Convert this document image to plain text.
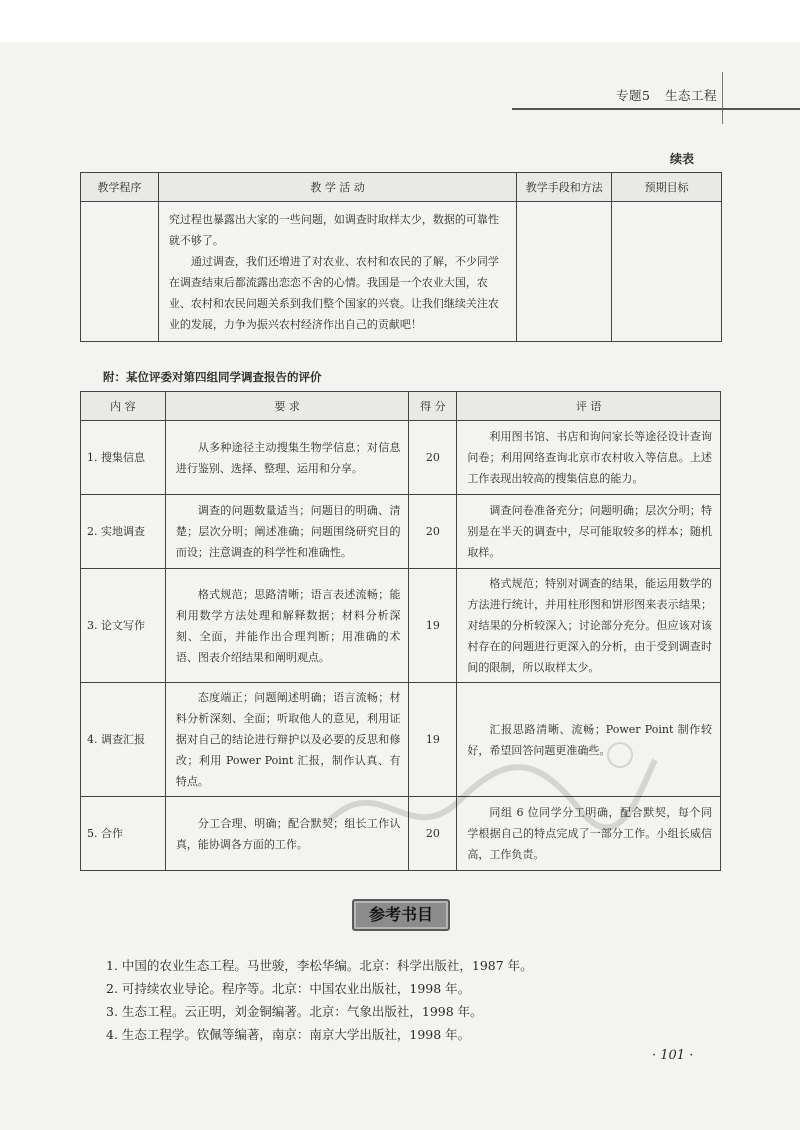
专题5 生态工程
续表
教学程序	教 学 活 动	教学手段和方法	预期目标

	究过程也暴露出大家的一些问题，如调查时取样太少，数据的可靠性就不够了。

通过调查，我们还增进了对农业、农村和农民的了解，不少同学在调查结束后都流露出恋恋不舍的心情。我国是一个农业大国，农业、农村和农民问题关系到我们整个国家的兴衰。让我们继续关注农业的发展，力争为振兴农村经济作出自己的贡献吧！		

附：某位评委对第四组同学调查报告的评价
内 容	要 求	得 分	评 语
1. 搜集信息	从多种途径主动搜集生物学信息；对信息进行鉴别、选择、整理、运用和分享。	20	利用图书馆、书店和询问家长等途径设计查询问卷；利用网络查询北京市农村收入等信息。上述工作表现出较高的搜集信息的能力。

2. 实地调查	调查的问题数量适当；问题目的明确、清楚；层次分明；阐述准确；问题围绕研究目的而设；注意调查的科学性和准确性。	20	调查问卷准备充分；问题明确；层次分明；特别是在半天的调查中，尽可能取较多的样本；随机取样。

3. 论文写作	格式规范；思路清晰；语言表述流畅；能利用数学方法处理和解释数据；材料分析深刻、全面，并能作出合理判断；用准确的术语、图表介绍结果和阐明观点。	19	格式规范；特别对调查的结果，能运用数学的方法进行统计，并用柱形图和饼形图来表示结果；对结果的分析较深入；讨论部分充分。但应该对该村存在的问题进行更深入的分析，由于受到调查时间的限制，所以取样太少。

4. 调查汇报	态度端正；问题阐述明确；语言流畅；材料分析深刻、全面；听取他人的意见，利用证据对自己的结论进行辩护以及必要的反思和修改；利用 Power Point 汇报，制作认真、有特点。	19	汇报思路清晰、流畅；Power Point 制作较好，希望回答问题更准确些。

5. 合作	分工合理、明确；配合默契；组长工作认真，能协调各方面的工作。	20	同组 6 位同学分工明确，配合默契，每个同学根据自己的特点完成了一部分工作。小组长威信高，工作负责。
参考书目
1. 中国的农业生态工程。马世骏，李松华编。北京：科学出版社，1987 年。
2. 可持续农业导论。程序等。北京：中国农业出版社，1998 年。
3. 生态工程。云正明，刘金铜编著。北京：气象出版社，1998 年。
4. 生态工程学。钦佩等编著，南京：南京大学出版社，1998 年。
· 101 ·
